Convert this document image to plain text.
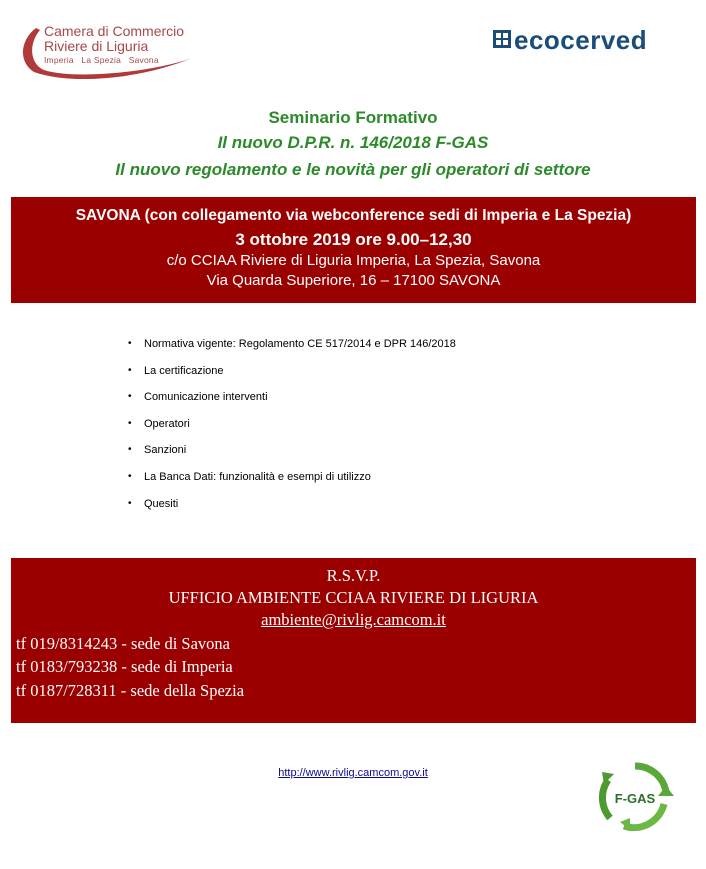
Camera di Commercio
Riviere di Liguria
Imperia   La Spezia   Savona
ecocerved
Seminario Formativo
Il nuovo D.P.R. n. 146/2018 F-GAS
Il nuovo regolamento e le novità per gli operatori di settore
SAVONA (con collegamento via webconference sedi di Imperia e La Spezia)
3 ottobre 2019 ore 9.00–12,30
c/o CCIAA Riviere di Liguria Imperia, La Spezia, Savona
Via Quarda Superiore, 16 – 17100 SAVONA
• Normativa vigente: Regolamento CE 517/2014 e DPR 146/2018
• La certificazione
• Comunicazione interventi
• Operatori
• Sanzioni
• La Banca Dati: funzionalità e esempi di utilizzo
• Quesiti
R.S.V.P.
UFFICIO AMBIENTE CCIAA RIVIERE DI LIGURIA
ambiente@rivlig.camcom.it
tf 019/8314243 - sede di Savona
tf 0183/793238 - sede di Imperia
tf 0187/728311 - sede della Spezia
http://www.rivlig.camcom.gov.it
F-GAS
